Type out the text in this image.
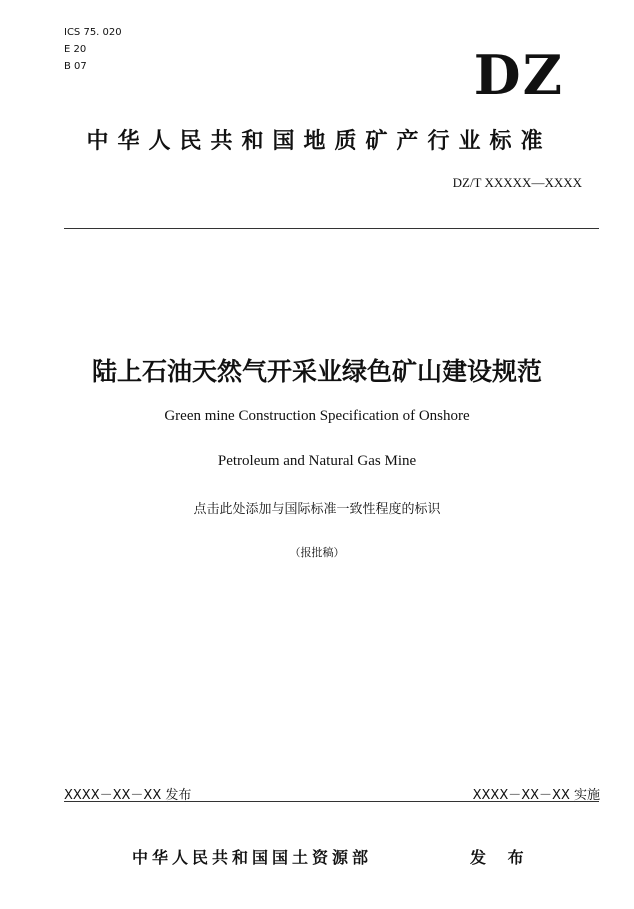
ICS 75. 020
E 20
B 07	DZ
中华人民共和国地质矿产行业标准
DZ/T XXXXX—XXXX
陆上石油天然气开采业绿色矿山建设规范
Green mine Construction Specification of Onshore
Petroleum and Natural Gas Mine
点击此处添加与国际标准一致性程度的标识
（报批稿）
XXXX－XX－XX 发布	XXXX－XX－XX 实施
中华人民共和国国土资源部	发 布
